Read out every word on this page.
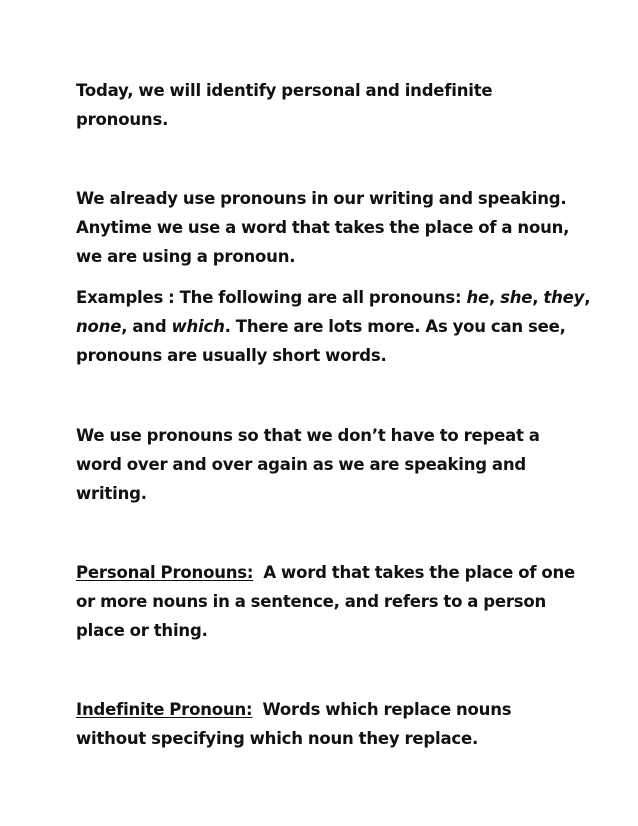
Today, we will identify personal and indefinite
pronouns.

We already use pronouns in our writing and speaking.
Anytime we use a word that takes the place of a noun,
we are using a pronoun.

Examples : The following are all pronouns: he, she, they,
none, and which. There are lots more. As you can see,
pronouns are usually short words.

We use pronouns so that we don’t have to repeat a
word over and over again as we are speaking and
writing.

Personal Pronouns:  A word that takes the place of one
or more nouns in a sentence, and refers to a person
place or thing.

Indefinite Pronoun:  Words which replace nouns
without specifying which noun they replace.
